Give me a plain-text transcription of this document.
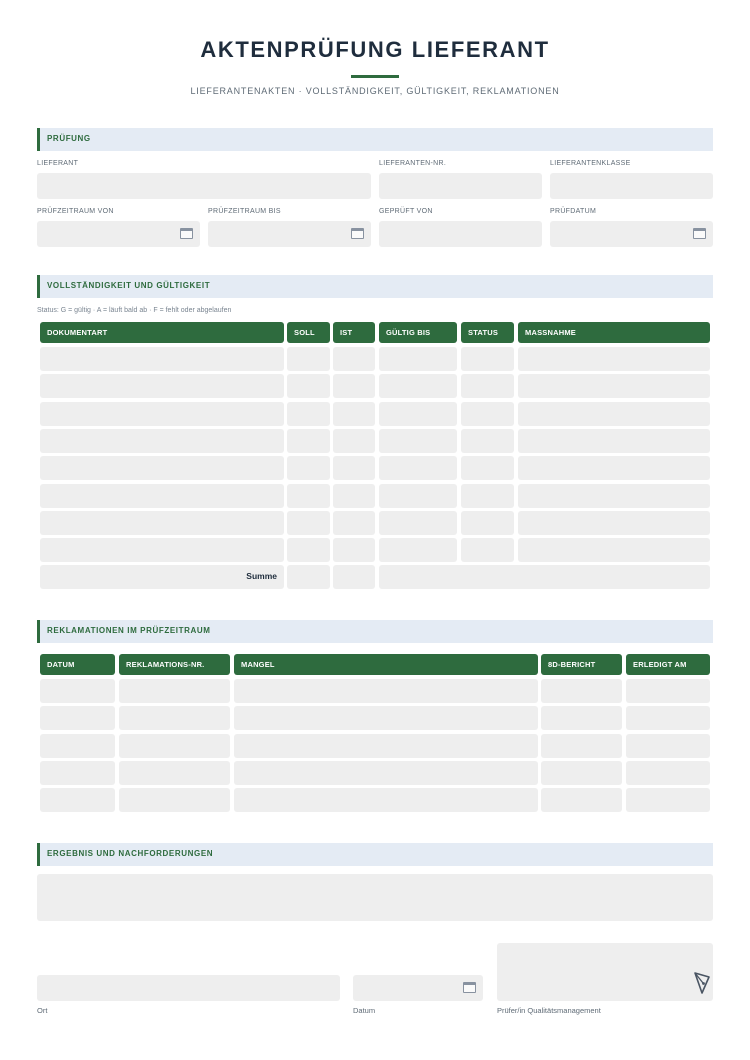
AKTENPRÜFUNG LIEFERANT
LIEFERANTENAKTEN · VOLLSTÄNDIGKEIT, GÜLTIGKEIT, REKLAMATIONEN
PRÜFUNG
LIEFERANT	LIEFERANTEN-NR.	LIEFERANTENKLASSE
PRÜFZEITRAUM VON	PRÜFZEITRAUM BIS	GEPRÜFT VON	PRÜFDATUM
VOLLSTÄNDIGKEIT UND GÜLTIGKEIT
Status: G = gültig · A = läuft bald ab · F = fehlt oder abgelaufen
DOKUMENTART	SOLL	IST	GÜLTIG BIS	STATUS	MASSNAHME
Summe
REKLAMATIONEN IM PRÜFZEITRAUM
DATUM	REKLAMATIONS-NR.	MANGEL	8D-BERICHT	ERLEDIGT AM
ERGEBNIS UND NACHFORDERUNGEN
Ort	Datum	Prüfer/in Qualitätsmanagement
